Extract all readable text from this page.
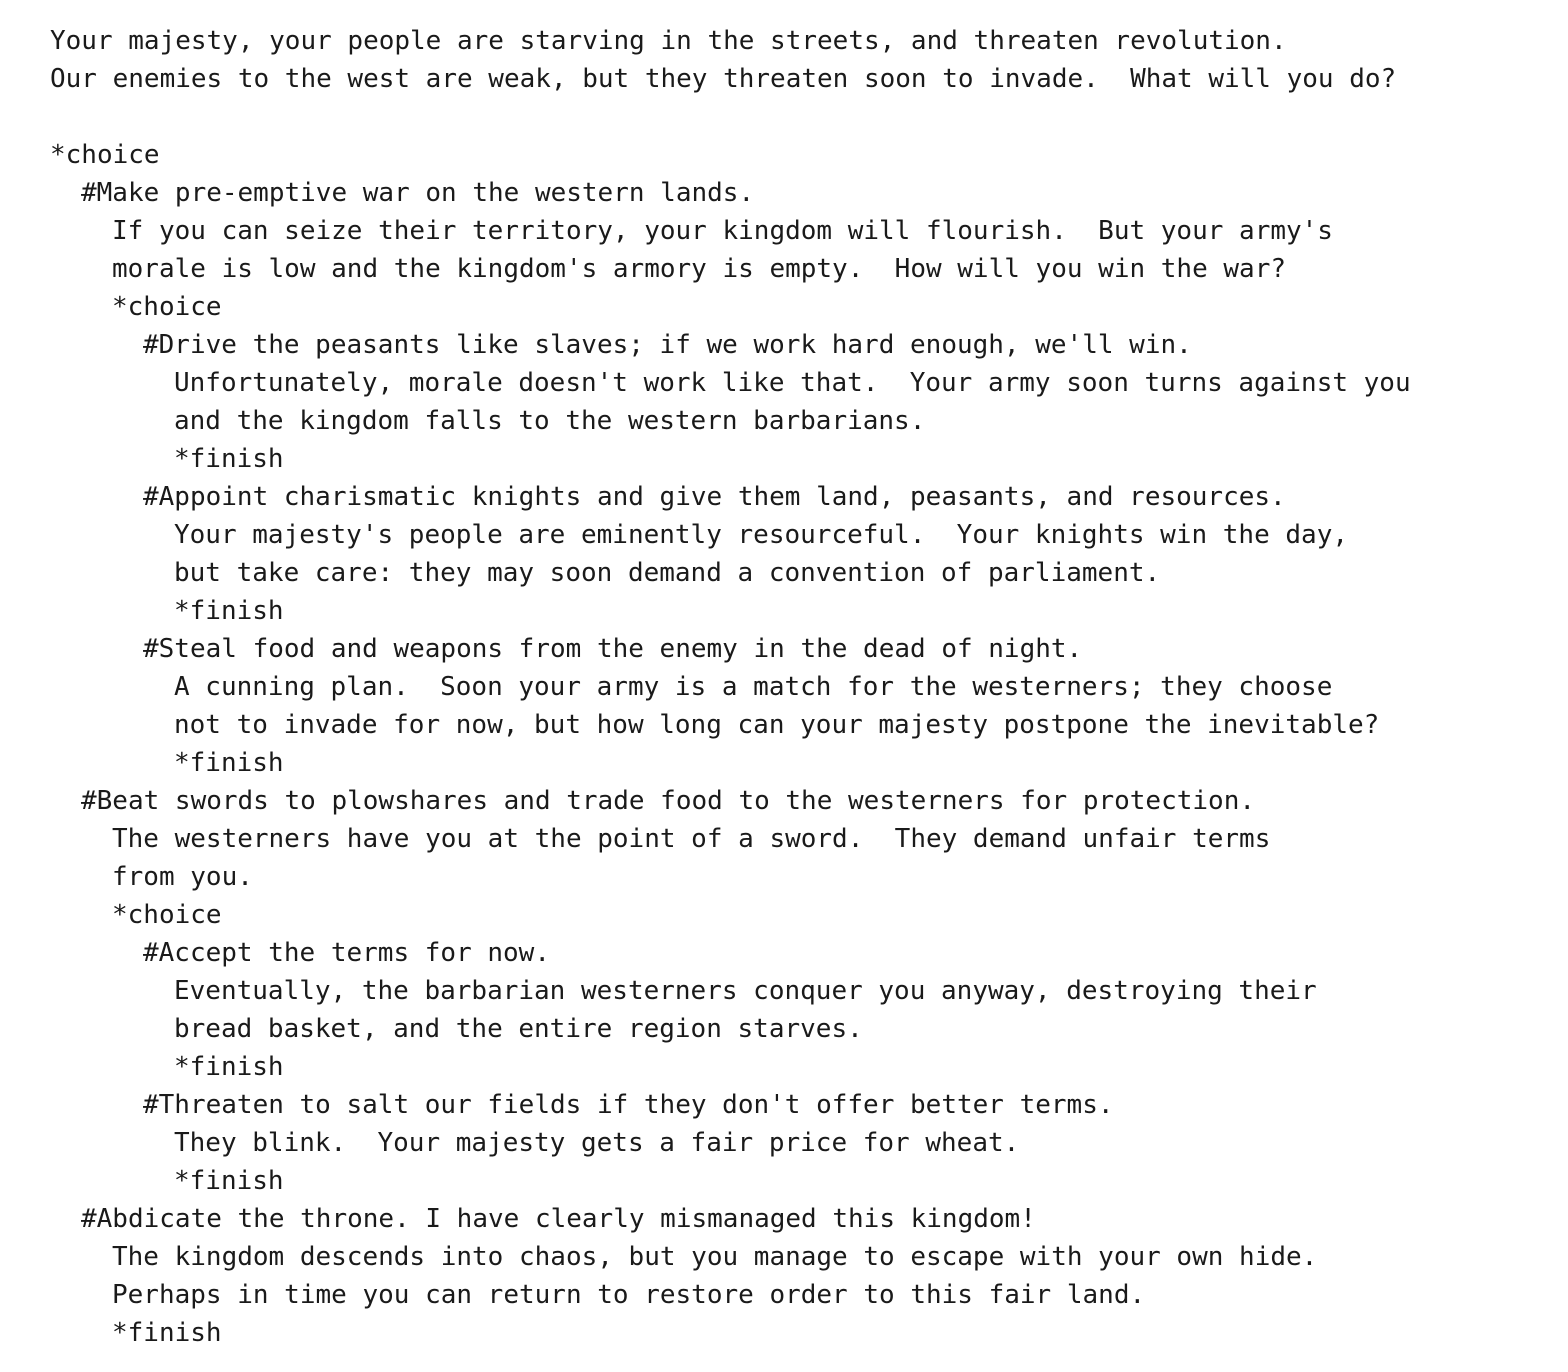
Your majesty, your people are starving in the streets, and threaten revolution.
Our enemies to the west are weak, but they threaten soon to invade.  What will you do?
*choice
#Make pre-emptive war on the western lands.
If you can seize their territory, your kingdom will flourish.  But your army's
morale is low and the kingdom's armory is empty.  How will you win the war?
*choice
#Drive the peasants like slaves; if we work hard enough, we'll win.
Unfortunately, morale doesn't work like that.  Your army soon turns against you
and the kingdom falls to the western barbarians.
*finish
#Appoint charismatic knights and give them land, peasants, and resources.
Your majesty's people are eminently resourceful.  Your knights win the day,
but take care: they may soon demand a convention of parliament.
*finish
#Steal food and weapons from the enemy in the dead of night.
A cunning plan.  Soon your army is a match for the westerners; they choose
not to invade for now, but how long can your majesty postpone the inevitable?
*finish
#Beat swords to plowshares and trade food to the westerners for protection.
The westerners have you at the point of a sword.  They demand unfair terms
from you.
*choice
#Accept the terms for now.
Eventually, the barbarian westerners conquer you anyway, destroying their
bread basket, and the entire region starves.
*finish
#Threaten to salt our fields if they don't offer better terms.
They blink.  Your majesty gets a fair price for wheat.
*finish
#Abdicate the throne. I have clearly mismanaged this kingdom!
The kingdom descends into chaos, but you manage to escape with your own hide.
Perhaps in time you can return to restore order to this fair land.
*finish
